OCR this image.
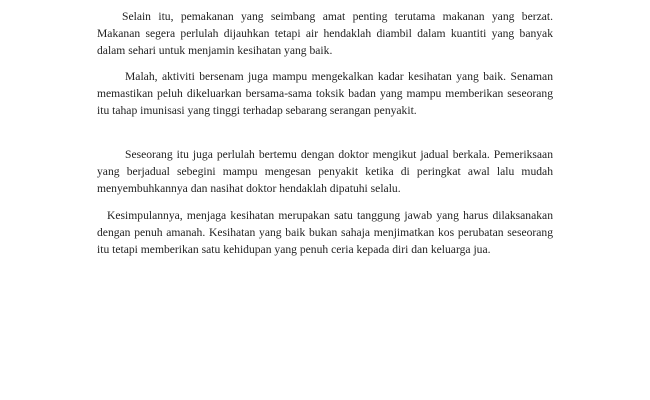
Selain itu, pemakanan yang seimbang amat penting terutama makanan yang berzat. Makanan segera perlulah dijauhkan tetapi air hendaklah diambil dalam kuantiti yang banyak dalam sehari untuk menjamin kesihatan yang baik.

Malah, aktiviti bersenam juga mampu mengekalkan kadar kesihatan yang baik. Senaman memastikan peluh dikeluarkan bersama-sama toksik badan yang mampu memberikan seseorang itu tahap imunisasi yang tinggi terhadap sebarang serangan penyakit.

Seseorang itu juga perlulah bertemu dengan doktor mengikut jadual berkala. Pemeriksaan yang berjadual sebegini mampu mengesan penyakit ketika di peringkat awal lalu mudah menyembuhkannya dan nasihat doktor hendaklah dipatuhi selalu.

Kesimpulannya, menjaga kesihatan merupakan satu tanggung jawab yang harus dilaksanakan dengan penuh amanah. Kesihatan yang baik bukan sahaja menjimatkan kos perubatan seseorang itu tetapi memberikan satu kehidupan yang penuh ceria kepada diri dan keluarga jua.
